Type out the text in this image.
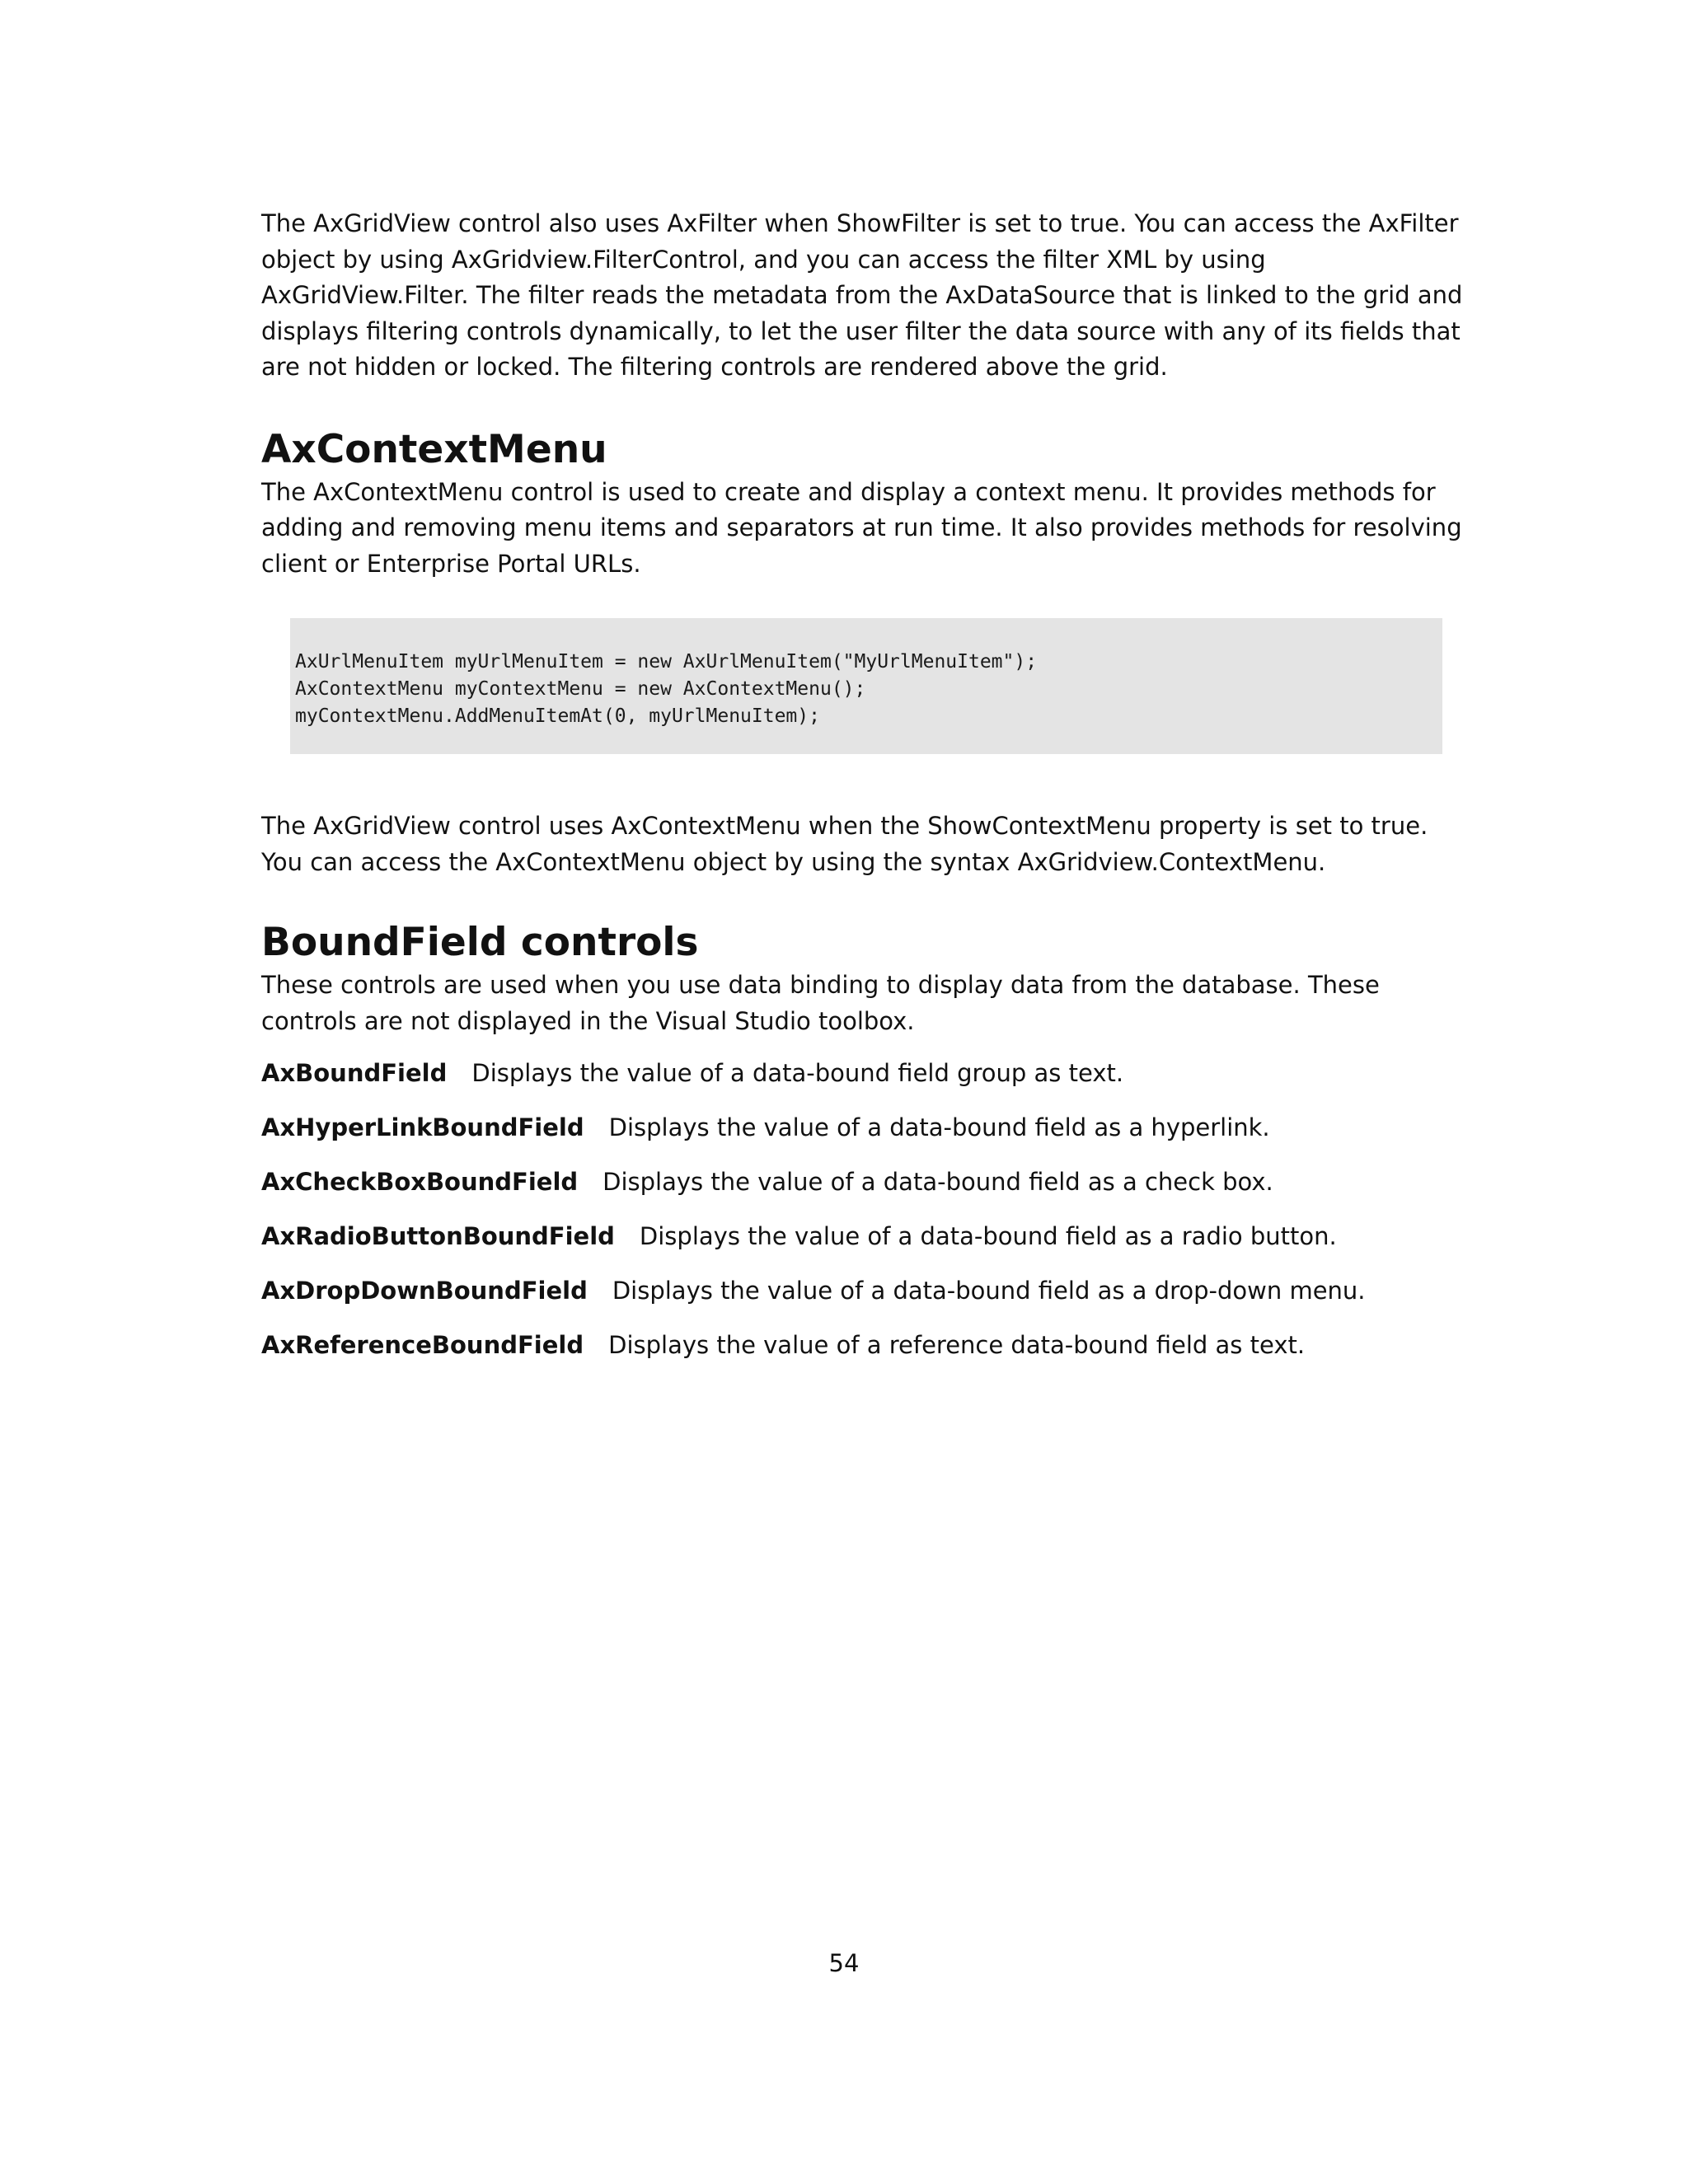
The AxGridView control also uses AxFilter when ShowFilter is set to true. You can access the AxFilter object by using AxGridview.FilterControl, and you can access the filter XML by using AxGridView.Filter. The filter reads the metadata from the AxDataSource that is linked to the grid and displays filtering controls dynamically, to let the user filter the data source with any of its fields that are not hidden or locked. The filtering controls are rendered above the grid.

AxContextMenu

The AxContextMenu control is used to create and display a context menu. It provides methods for adding and removing menu items and separators at run time. It also provides methods for resolving client or Enterprise Portal URLs.

AxUrlMenuItem myUrlMenuItem = new AxUrlMenuItem("MyUrlMenuItem");
AxContextMenu myContextMenu = new AxContextMenu();
myContextMenu.AddMenuItemAt(0, myUrlMenuItem);

The AxGridView control uses AxContextMenu when the ShowContextMenu property is set to true. You can access the AxContextMenu object by using the syntax AxGridview.ContextMenu.

BoundField controls

These controls are used when you use data binding to display data from the database. These controls are not displayed in the Visual Studio toolbox.

AxBoundField Displays the value of a data-bound field group as text.
AxHyperLinkBoundField Displays the value of a data-bound field as a hyperlink.
AxCheckBoxBoundField Displays the value of a data-bound field as a check box.
AxRadioButtonBoundField Displays the value of a data-bound field as a radio button.
AxDropDownBoundField Displays the value of a data-bound field as a drop-down menu.
AxReferenceBoundField Displays the value of a reference data-bound field as text.
54
